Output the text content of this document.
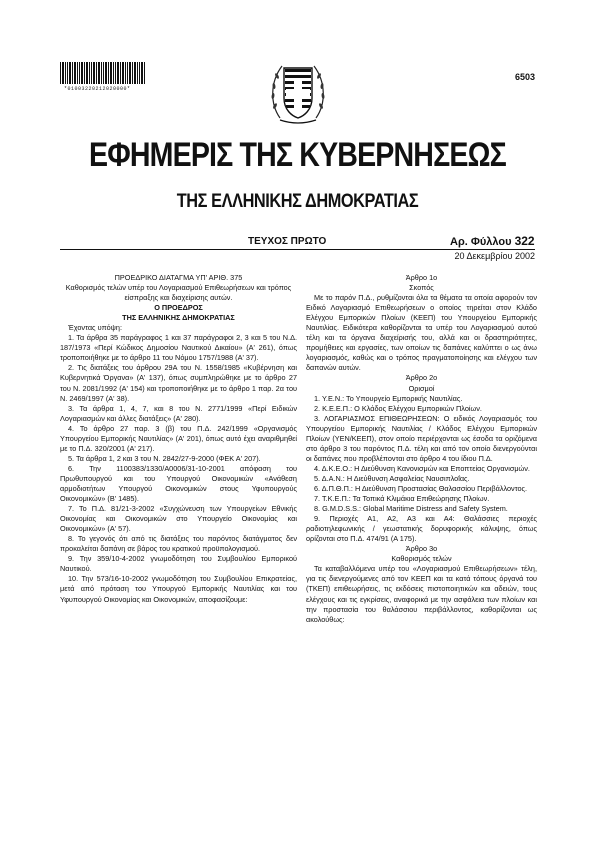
*01003220212020000*
6503
ΕΦΗΜΕΡΙΣ ΤΗΣ ΚΥΒΕΡΝΗΣΕΩΣ
ΤΗΣ ΕΛΛΗΝΙΚΗΣ ΔΗΜΟΚΡΑΤΙΑΣ
ΤΕΥΧΟΣ ΠΡΩΤΟ	Αρ. Φύλλου 322
20 Δεκεμβρίου 2002

ΠΡΟΕΔΡΙΚΟ ΔΙΑΤΑΓΜΑ ΥΠ' ΑΡΙΘ. 375

Καθορισμός τελών υπέρ του Λογαριασμού Επιθεωρήσεων και τρόπος είσπραξης και διαχείρισης αυτών.

Ο ΠΡΟΕΔΡΟΣ

ΤΗΣ ΕΛΛΗΝΙΚΗΣ ΔΗΜΟΚΡΑΤΙΑΣ

Έχοντας υπόψη:

1. Τα άρθρα 35 παράγραφος 1 και 37 παράγραφοι 2, 3 και 5 του Ν.Δ. 187/1973 «Περί Κώδικος Δημοσίου Ναυτικού Δικαίου» (Α' 261), όπως τροποποιήθηκε με το άρθρο 11 του Νόμου 1757/1988 (Α' 37).

2. Τις διατάξεις του άρθρου 29Α του Ν. 1558/1985 «Κυβέρνηση και Κυβερνητικά Όργανα» (Α' 137), όπως συμπληρώθηκε με το άρθρο 27 του Ν. 2081/1992 (Α' 154) και τροποποιήθηκε με το άρθρο 1 παρ. 2α του Ν. 2469/1997 (Α' 38).

3. Τα άρθρα 1, 4, 7, και 8 του Ν. 2771/1999 «Περί Ειδικών Λογαριασμών και άλλες διατάξεις» (Α' 280).

4. Το άρθρο 27 παρ. 3 (β) του Π.Δ. 242/1999 «Οργανισμός Υπουργείου Εμπορικής Ναυτιλίας» (Α' 201), όπως αυτό έχει αναριθμηθεί με το Π.Δ. 320/2001 (Α' 217).

5. Τα άρθρα 1, 2 και 3 του Ν. 2842/27-9-2000 (ΦΕΚ Α' 207).

6. Την 1100383/1330/Α0006/31-10-2001 απόφαση του Πρωθυπουργού και του Υπουργού Οικονομικών «Ανάθεση αρμοδιοτήτων Υπουργού Οικονομικών στους Υφυπουργούς Οικονομικών» (Β' 1485).

7. Το Π.Δ. 81/21-3-2002 «Συγχώνευση των Υπουργείων Εθνικής Οικονομίας και Οικονομικών στο Υπουργείο Οικονομίας και Οικονομικών» (Α' 57).

8. Το γεγονός ότι από τις διατάξεις του παρόντος διατάγματος δεν προκαλείται δαπάνη σε βάρος του κρατικού προϋπολογισμού.

9. Την 359/10-4-2002 γνωμοδότηση του Συμβουλίου Εμπορικού Ναυτικού.

10. Την 573/16-10-2002 γνωμοδότηση του Συμβουλίου Επικρατείας, μετά από πρόταση του Υπουργού Εμπορικής Ναυτιλίας και του Υφυπουργού Οικονομίας και Οικονομικών, αποφασίζουμε:

Άρθρο 1ο

Σκοπός

Με το παρόν Π.Δ., ρυθμίζονται όλα τα θέματα τα οποία αφορούν τον Ειδικό Λογαριασμό Επιθεωρήσεων ο οποίος τηρείται στον Κλάδο Ελέγχου Εμπορικών Πλοίων (ΚΕΕΠ) του Υπουργείου Εμπορικής Ναυτιλίας. Ειδικότερα καθορίζονται τα υπέρ του Λογαριασμού αυτού τέλη και τα όργανα διαχείρισής του, αλλά και οι δραστηριότητες, προμήθειες και εργασίες, των οποίων τις δαπάνες καλύπτει ο ως άνω λογαριασμός, καθώς και ο τρόπος πραγματοποίησης και ελέγχου των δαπανών αυτών.

Άρθρο 2ο

Ορισμοί

1. Υ.Ε.Ν.: Το Υπουργείο Εμπορικής Ναυτιλίας.

2. Κ.Ε.Ε.Π.: Ο Κλάδος Ελέγχου Εμπορικών Πλοίων.

3. ΛΟΓΑΡΙΑΣΜΟΣ ΕΠΙΘΕΩΡΗΣΕΩΝ: Ο ειδικός Λογαριασμός του Υπουργείου Εμπορικής Ναυτιλίας / Κλάδος Ελέγχου Εμπορικών Πλοίων (ΥΕΝ/ΚΕΕΠ), στον οποίο περιέρχονται ως έσοδα τα οριζόμενα στο άρθρο 3 του παρόντος Π.Δ. τέλη και από τον οποίο διενεργούνται οι δαπάνες που προβλέπονται στο άρθρο 4 του ίδιου Π.Δ.

4. Δ.Κ.Ε.Ο.: Η Διεύθυνση Κανονισμών και Εποπτείας Οργανισμών.

5. Δ.Α.Ν.: Η Διεύθυνση Ασφαλείας Ναυσιπλοΐας.

6. Δ.Π.Θ.Π.: Η Διεύθυνση Προστασίας Θαλασσίου Περιβάλλοντος.

7. Τ.Κ.Ε.Π.: Τα Τοπικά Κλιμάκια Επιθεώρησης Πλοίων.

8. G.M.D.S.S.: Global Maritime Distress and Safety System.

9. Περιοχές Α1, Α2, Α3 και Α4: Θαλάσσιες περιοχές ραδιοτηλεφωνικής / γεωστατικής δορυφορικής κάλυψης, όπως ορίζονται στο Π.Δ. 474/91 (Α 175).

Άρθρο 3ο

Καθορισμός τελών

Τα καταβαλλόμενα υπέρ του «Λογαριασμού Επιθεωρήσεων» τέλη, για τις διενεργούμενες από τον ΚΕΕΠ και τα κατά τόπους όργανά του (ΤΚΕΠ) επιθεωρήσεις, τις εκδόσεις πιστοποιητικών και αδειών, τους ελέγχους και τις εγκρίσεις, αναφορικά με την ασφάλεια των πλοίων και την προστασία του θαλάσσιου περιβάλλοντος, καθορίζονται ως ακολούθως:
